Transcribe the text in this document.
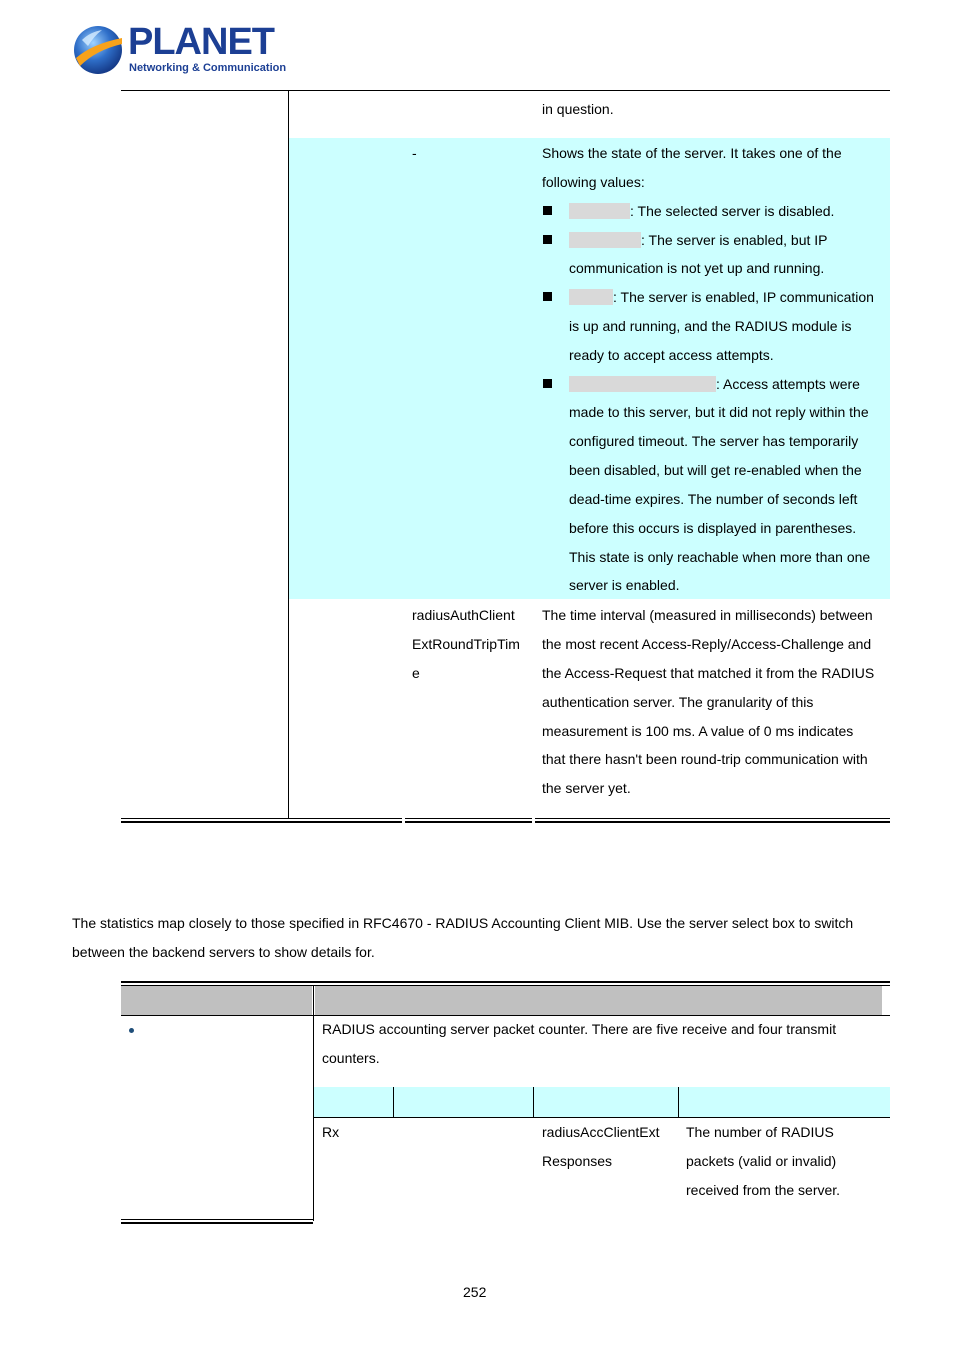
PLANET
Networking & Communication
in question.
-	Shows the state of the server. It takes one of the
following values:
: The selected server is disabled.
: The server is enabled, but IP
communication is not yet up and running.
: The server is enabled, IP communication
is up and running, and the RADIUS module is
ready to accept access attempts.
: Access attempts were
made to this server, but it did not reply within the
configured timeout. The server has temporarily
been disabled, but will get re-enabled when the
dead-time expires. The number of seconds left
before this occurs is displayed in parentheses.
This state is only reachable when more than one
server is enabled.
radiusAuthClient
ExtRoundTripTim
e
The time interval (measured in milliseconds) between
the most recent Access-Reply/Access-Challenge and
the Access-Request that matched it from the RADIUS
authentication server. The granularity of this
measurement is 100 ms. A value of 0 ms indicates
that there hasn't been round-trip communication with
the server yet.
The statistics map closely to those specified in RFC4670 - RADIUS Accounting Client MIB. Use the server select box to switch
between the backend servers to show details for.
RADIUS accounting server packet counter. There are five receive and four transmit
counters.
Rx	radiusAccClientExt
Responses
The number of RADIUS
packets (valid or invalid)
received from the server.
252
